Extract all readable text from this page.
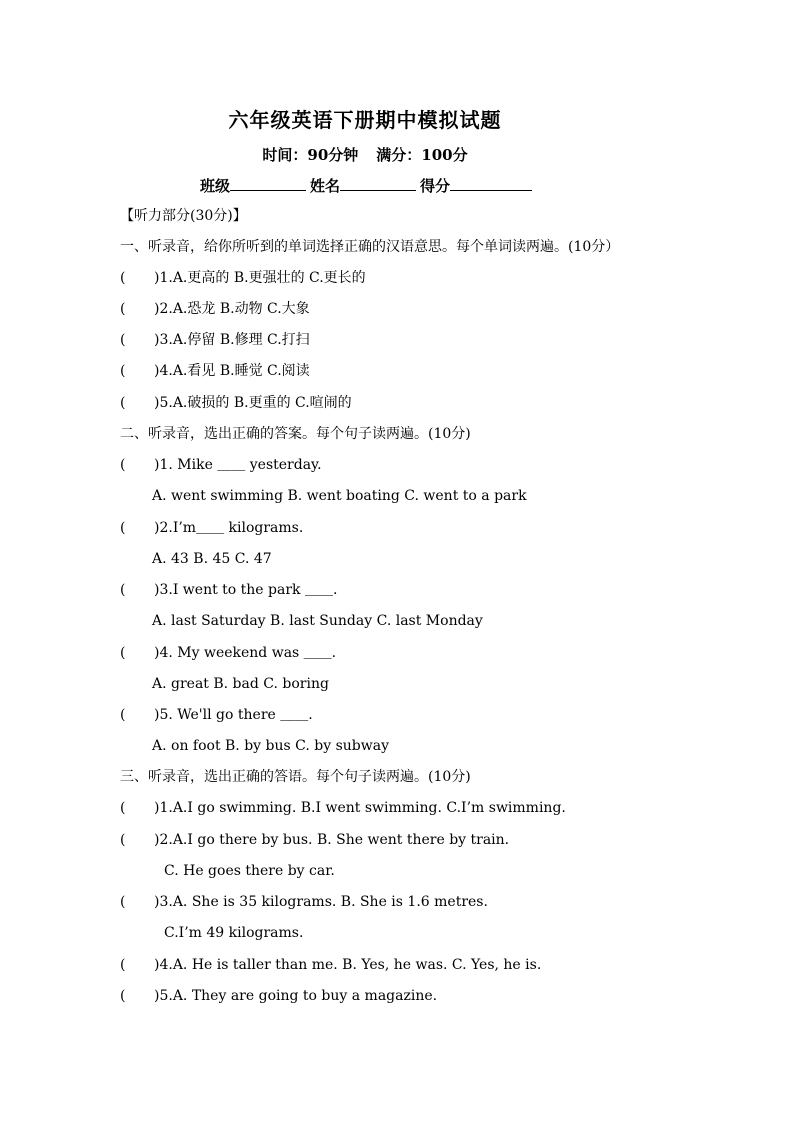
六年级英语下册期中模拟试题
时间：90分钟 满分：100分
班级	姓名	得分
【听力部分(30分)】
一、听录音，给你所听到的单词选择正确的汉语意思。每个单词读两遍。(10分）
( )1.A.更高的 B.更强壮的 C.更长的
( )2.A.恐龙 B.动物 C.大象
( )3.A.停留 B.修理 C.打扫
( )4.A.看见 B.睡觉 C.阅读
( )5.A.破损的 B.更重的 C.喧闹的
二、听录音，选出正确的答案。每个句子读两遍。(10分)
( )1. Mike ＿＿ yesterday.
A. went swimming B. went boating C. went to a park
( )2.I’m＿＿ kilograms.
A. 43 B. 45 C. 47
( )3.I went to the park ＿＿.
A. last Saturday B. last Sunday C. last Monday
( )4. My weekend was ＿＿.
A. great B. bad C. boring
( )5. We'll go there ＿＿.
A. on foot B. by bus C. by subway
三、听录音，选出正确的答语。每个句子读两遍。(10分)
( )1.A.I go swimming. B.I went swimming. C.I’m swimming.
( )2.A.I go there by bus. B. She went there by train.
C. He goes there by car.
( )3.A. She is 35 kilograms. B. She is 1.6 metres.
C.I’m 49 kilograms.
( )4.A. He is taller than me. B. Yes, he was. C. Yes, he is.
( )5.A. They are going to buy a magazine.
